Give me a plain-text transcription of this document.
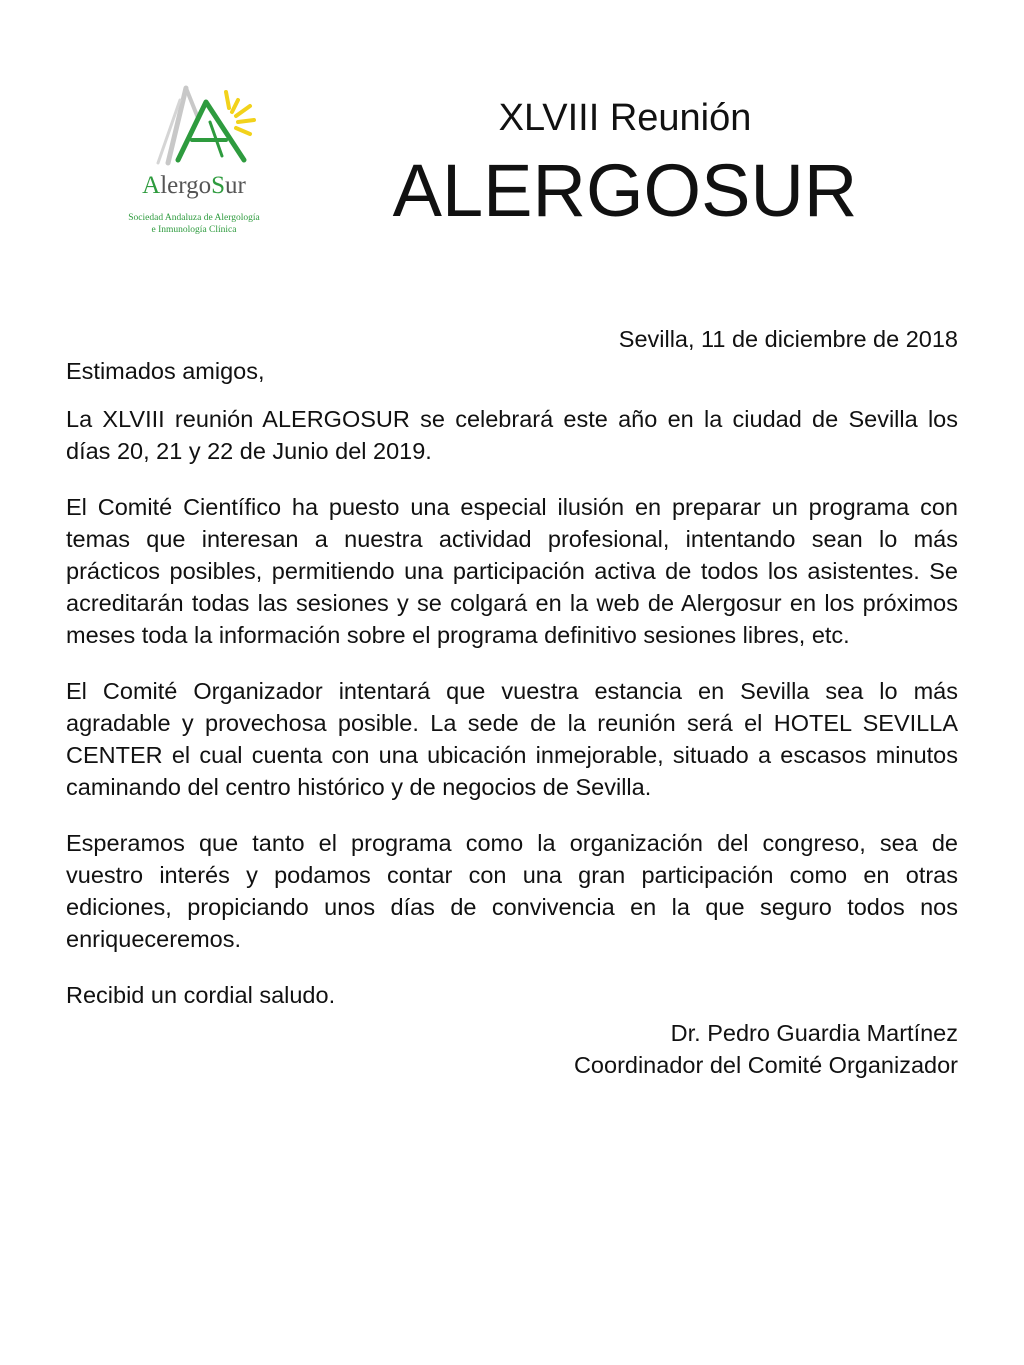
AlergoSur
Sociedad Andaluza de Alergología
e Inmunología Clínica
XLVIII Reunión
ALERGOSUR

Sevilla, 11 de diciembre de 2018

Estimados amigos,

La XLVIII reunión ALERGOSUR se celebrará este año en la ciudad de Sevilla los días 20, 21 y 22 de Junio del 2019.

El Comité Científico ha puesto una especial ilusión en preparar un programa con temas que interesan a nuestra actividad profesional, intentando sean lo más prácticos posibles, permitiendo una participación activa de todos los asistentes. Se acreditarán todas las sesiones y se colgará en la web de Alergosur en los próximos meses toda la información sobre el programa definitivo sesiones libres, etc.

El Comité Organizador intentará que vuestra estancia en Sevilla sea lo más agradable y provechosa posible. La sede de la reunión será el HOTEL SEVILLA CENTER el cual cuenta con una ubicación inmejorable, situado a escasos minutos caminando del centro histórico y de negocios de Sevilla.

Esperamos que tanto el programa como la organización del congreso, sea de vuestro interés y podamos contar con una gran participación como en otras ediciones, propiciando unos días de convivencia en la que seguro todos nos enriqueceremos.

Recibid un cordial saludo.

Dr. Pedro Guardia Martínez

Coordinador del Comité Organizador
